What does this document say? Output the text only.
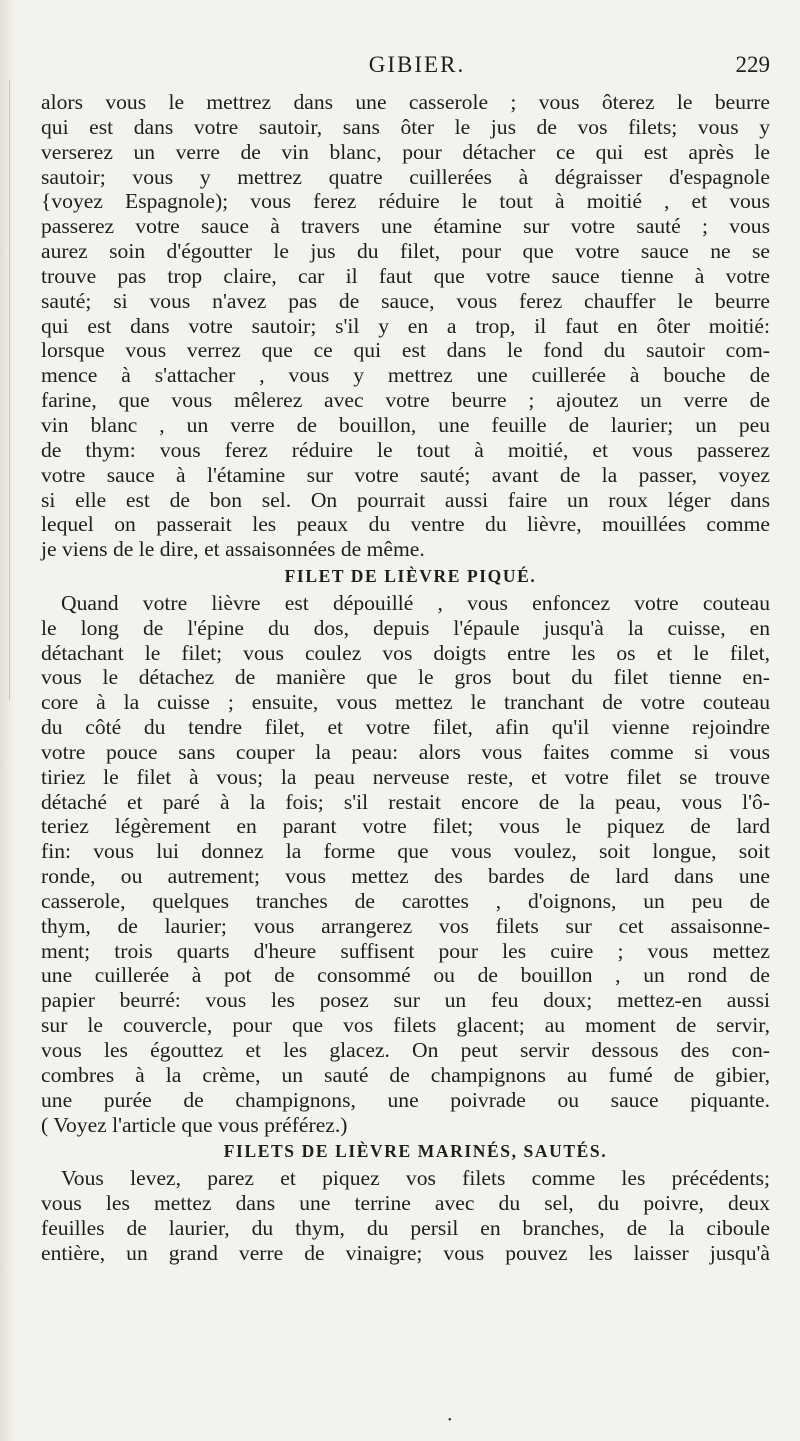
GIBIER.	229

alors vous le mettrez dans une casserole ; vous ôterez le beurre
qui est dans votre sautoir, sans ôter le jus de vos filets; vous y
verserez un verre de vin blanc, pour détacher ce qui est après le
sautoir; vous y mettrez quatre cuillerées à dégraisser d'espagnole
{voyez Espagnole); vous ferez réduire le tout à moitié , et vous
passerez votre sauce à travers une étamine sur votre sauté ; vous
aurez soin d'égoutter le jus du filet, pour que votre sauce ne se
trouve pas trop claire, car il faut que votre sauce tienne à votre
sauté; si vous n'avez pas de sauce, vous ferez chauffer le beurre
qui est dans votre sautoir; s'il y en a trop, il faut en ôter moitié:
lorsque vous verrez que ce qui est dans le fond du sautoir com-
mence à s'attacher , vous y mettrez une cuillerée à bouche de
farine, que vous mêlerez avec votre beurre ; ajoutez un verre de
vin blanc , un verre de bouillon, une feuille de laurier; un peu
de thym: vous ferez réduire le tout à moitié, et vous passerez
votre sauce à l'étamine sur votre sauté; avant de la passer, voyez
si elle est de bon sel. On pourrait aussi faire un roux léger dans
lequel on passerait les peaux du ventre du lièvre, mouillées comme
je viens de le dire, et assaisonnées de même.

FILET DE LIÈVRE PIQUÉ.

Quand votre lièvre est dépouillé , vous enfoncez votre couteau
le long de l'épine du dos, depuis l'épaule jusqu'à la cuisse, en
détachant le filet; vous coulez vos doigts entre les os et le filet,
vous le détachez de manière que le gros bout du filet tienne en-
core à la cuisse ; ensuite, vous mettez le tranchant de votre couteau
du côté du tendre filet, et votre filet, afin qu'il vienne rejoindre
votre pouce sans couper la peau: alors vous faites comme si vous
tiriez le filet à vous; la peau nerveuse reste, et votre filet se trouve
détaché et paré à la fois; s'il restait encore de la peau, vous l'ô-
teriez légèrement en parant votre filet; vous le piquez de lard
fin: vous lui donnez la forme que vous voulez, soit longue, soit
ronde, ou autrement; vous mettez des bardes de lard dans une
casserole, quelques tranches de carottes , d'oignons, un peu de
thym, de laurier; vous arrangerez vos filets sur cet assaisonne-
ment; trois quarts d'heure suffisent pour les cuire ; vous mettez
une cuillerée à pot de consommé ou de bouillon , un rond de
papier beurré: vous les posez sur un feu doux; mettez-en aussi
sur le couvercle, pour que vos filets glacent; au moment de servir,
vous les égouttez et les glacez. On peut servir dessous des con-
combres à la crème, un sauté de champignons au fumé de gibier,
une purée de champignons, une poivrade ou sauce piquante.
( Voyez l'article que vous préférez.)

FILETS DE LIÈVRE MARINÉS, SAUTÉS.

Vous levez, parez et piquez vos filets comme les précédents;
vous les mettez dans une terrine avec du sel, du poivre, deux
feuilles de laurier, du thym, du persil en branches, de la ciboule
entière, un grand verre de vinaigre; vous pouvez les laisser jusqu'à

•
